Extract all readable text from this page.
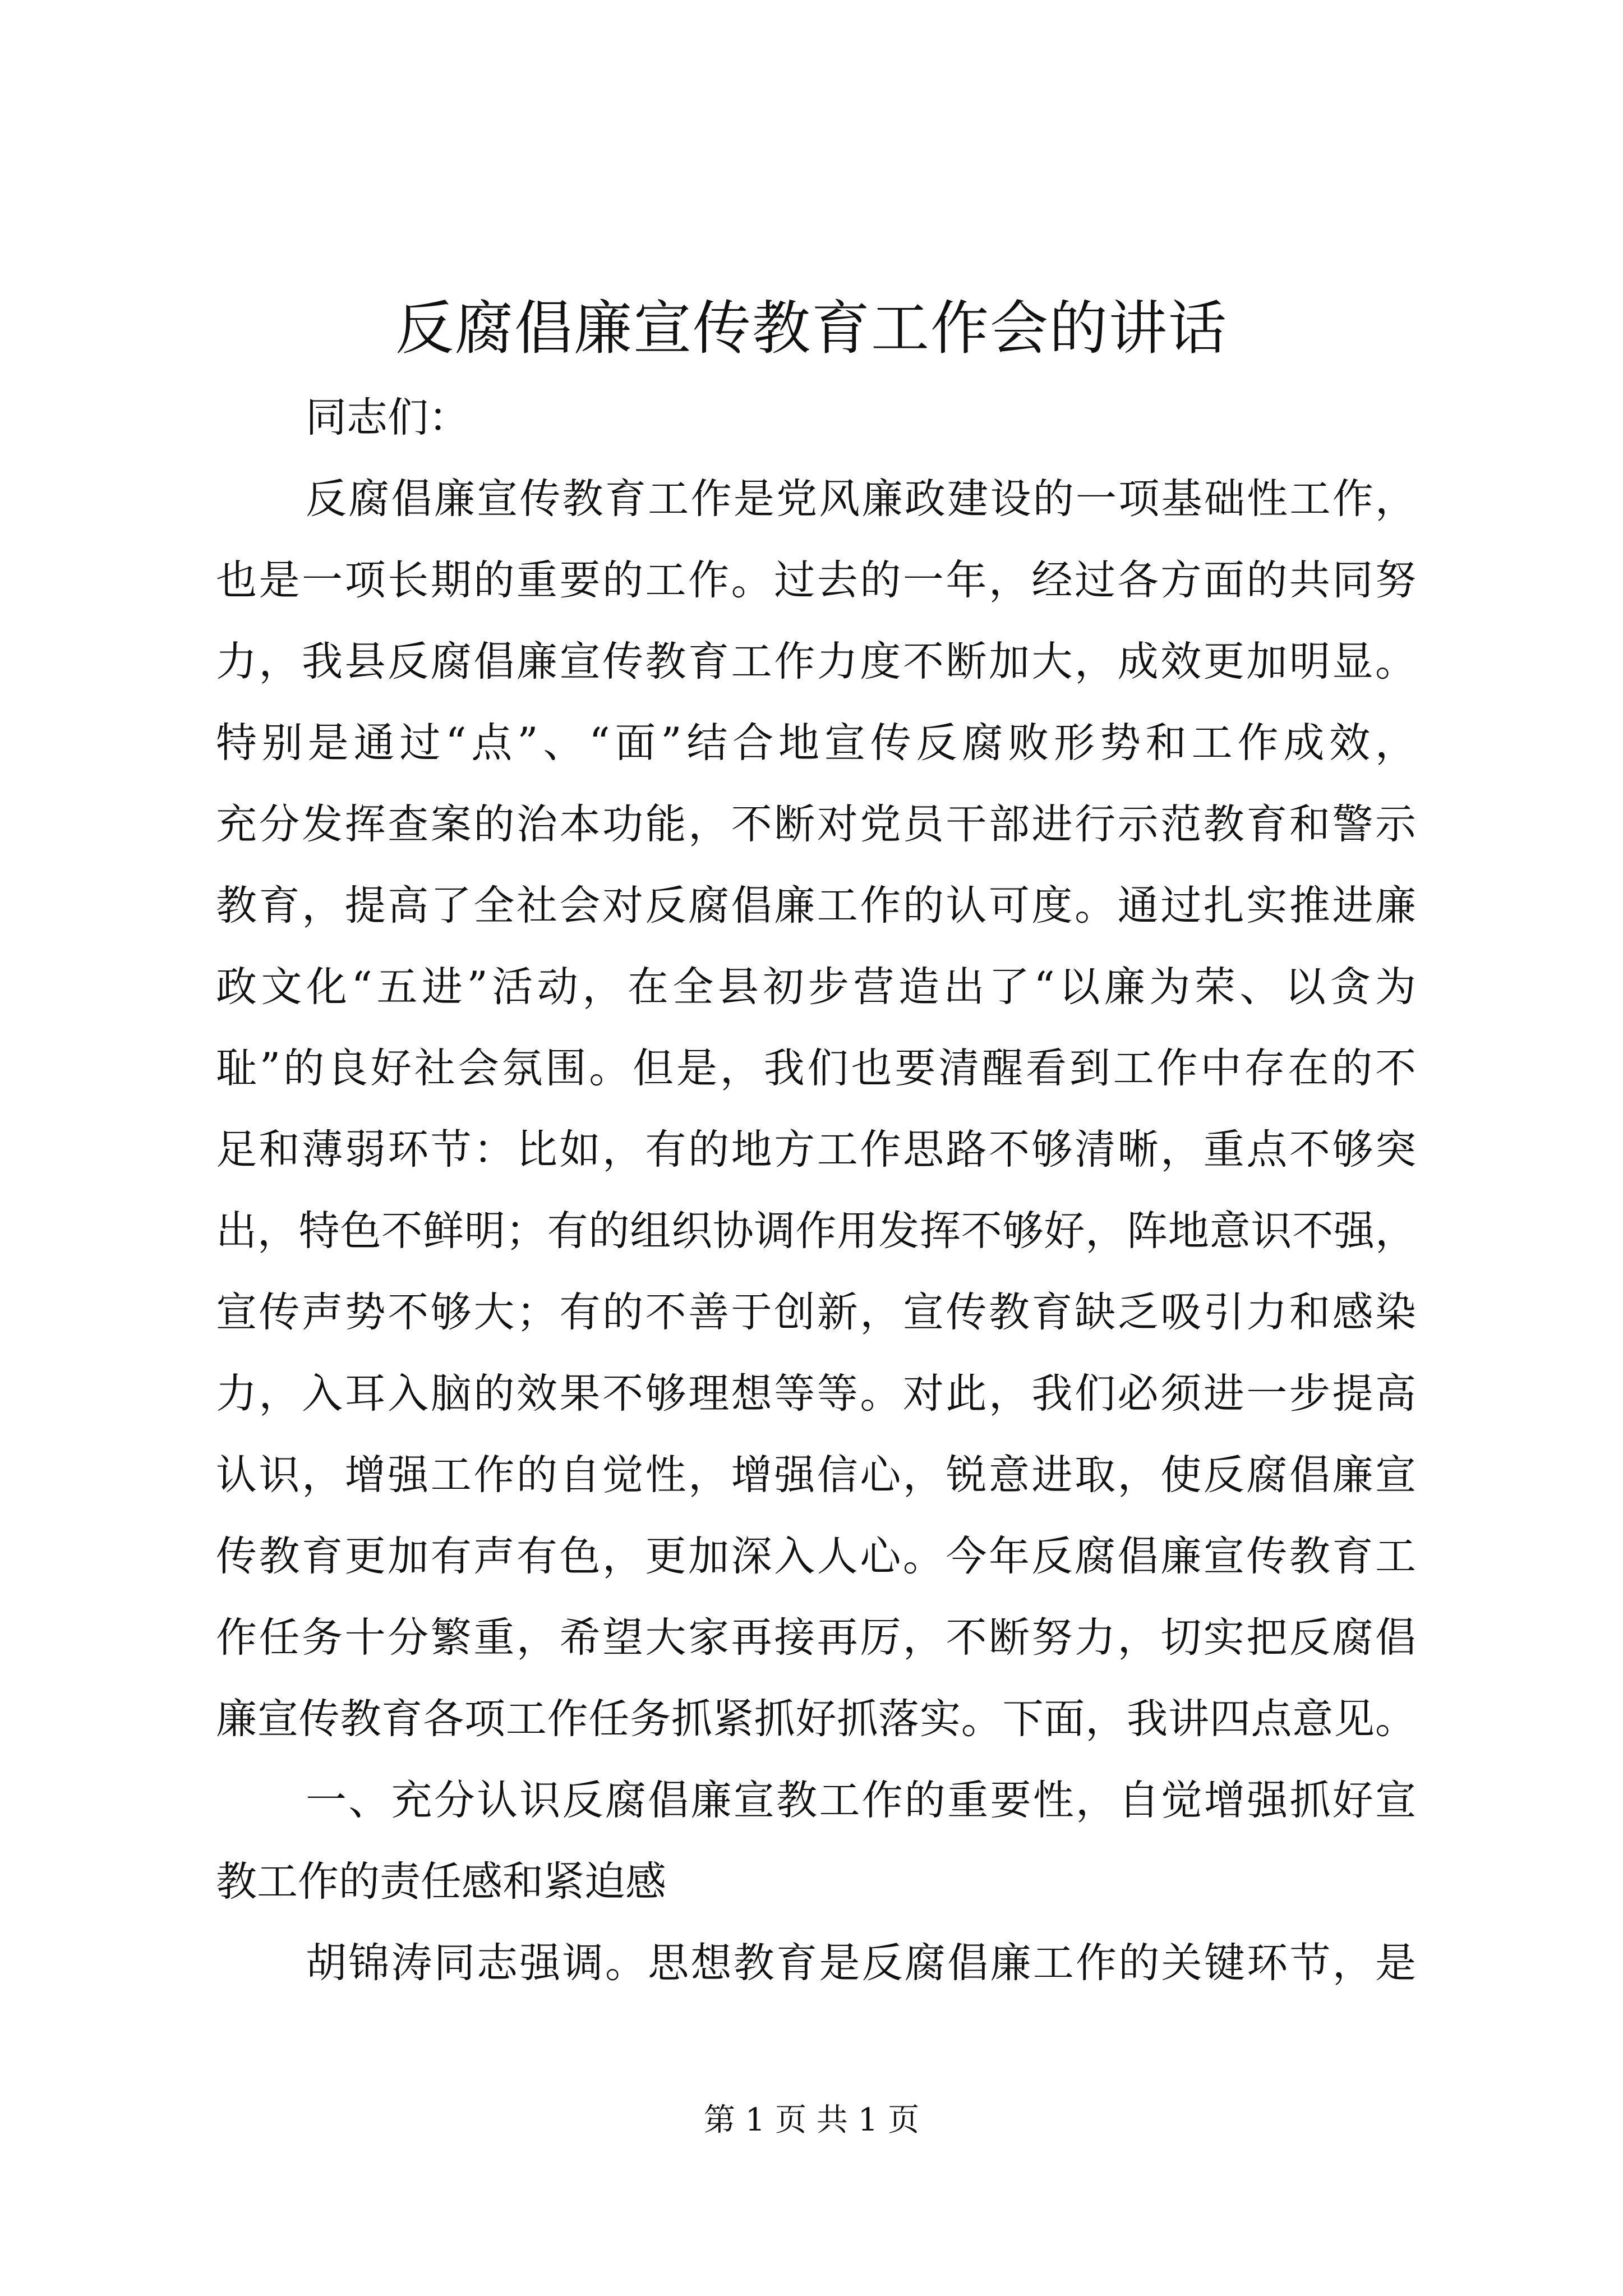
反腐倡廉宣传教育工作会的讲话
同志们：
反腐倡廉宣传教育工作是党风廉政建设的一项基础性工作，
也是一项长期的重要的工作。过去的一年，经过各方面的共同努
力，我县反腐倡廉宣传教育工作力度不断加大，成效更加明显。
特别是通过“点”、“面”结合地宣传反腐败形势和工作成效，
充分发挥查案的治本功能，不断对党员干部进行示范教育和警示
教育，提高了全社会对反腐倡廉工作的认可度。通过扎实推进廉
政文化“五进”活动，在全县初步营造出了“以廉为荣、以贪为
耻”的良好社会氛围。但是，我们也要清醒看到工作中存在的不
足和薄弱环节：比如，有的地方工作思路不够清晰，重点不够突
出，特色不鲜明；有的组织协调作用发挥不够好，阵地意识不强，
宣传声势不够大；有的不善于创新，宣传教育缺乏吸引力和感染
力，入耳入脑的效果不够理想等等。对此，我们必须进一步提高
认识，增强工作的自觉性，增强信心，锐意进取，使反腐倡廉宣
传教育更加有声有色，更加深入人心。今年反腐倡廉宣传教育工
作任务十分繁重，希望大家再接再厉，不断努力，切实把反腐倡
廉宣传教育各项工作任务抓紧抓好抓落实。下面，我讲四点意见。
一、充分认识反腐倡廉宣教工作的重要性，自觉增强抓好宣
教工作的责任感和紧迫感
胡锦涛同志强调。思想教育是反腐倡廉工作的关键环节，是
第 1 页 共 1 页
